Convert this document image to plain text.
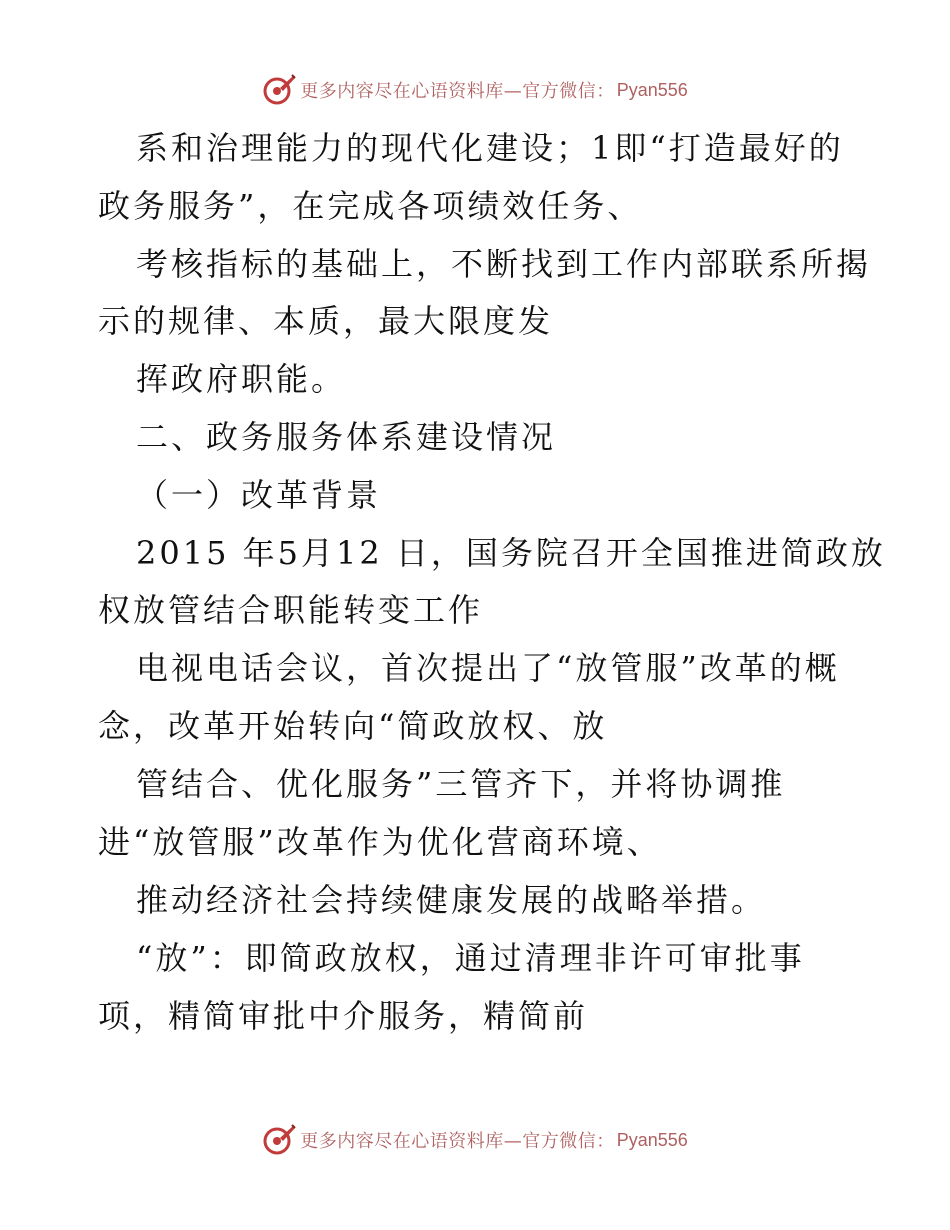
更多内容尽在心语资料库—官方微信： Pyan556
系和治理能力的现代化建设；1即“打造最好的
政务服务”，在完成各项绩效任务、
考核指标的基础上，不断找到工作内部联系所揭
示的规律、本质，最大限度发
挥政府职能。
二、政务服务体系建设情况
（一）改革背景
2015 年5月12 日，国务院召开全国推进简政放
权放管结合职能转变工作
电视电话会议，首次提出了“放管服”改革的概
念，改革开始转向“简政放权、放
管结合、优化服务”三管齐下，并将协调推
进“放管服”改革作为优化营商环境、
推动经济社会持续健康发展的战略举措。
“放”：即简政放权，通过清理非许可审批事
项，精简审批中介服务，精简前
更多内容尽在心语资料库—官方微信： Pyan556
